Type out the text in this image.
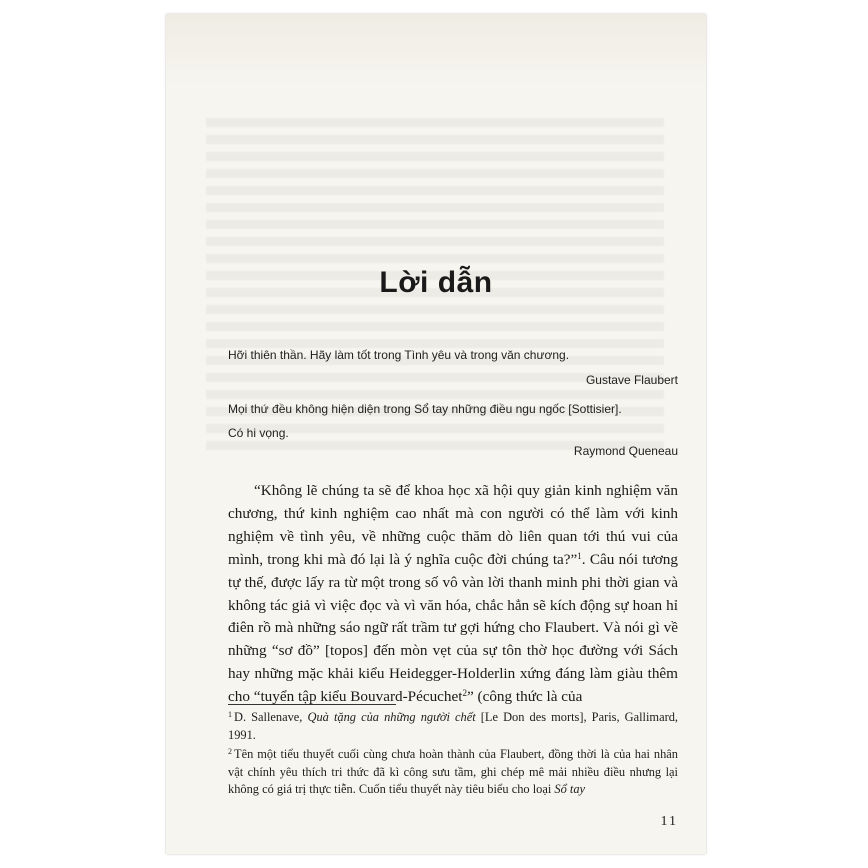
Lời dẫn
Hỡi thiên thần. Hãy làm tốt trong Tình yêu và trong văn chương.
Gustave Flaubert
Mọi thứ đều không hiện diện trong Sổ tay những điều ngu ngốc [Sottisier].
Có hi vọng.
Raymond Queneau

“Không lẽ chúng ta sẽ để khoa học xã hội quy giản kinh nghiệm văn chương, thứ kinh nghiệm cao nhất mà con người có thể làm với kinh nghiệm về tình yêu, về những cuộc thăm dò liên quan tới thú vui của mình, trong khi mà đó lại là ý nghĩa cuộc đời chúng ta?”$^1$. Câu nói tương tự thế, được lấy ra từ một trong số vô vàn lời thanh minh phi thời gian và không tác giả vì việc đọc và vì văn hóa, chắc hẳn sẽ kích động sự hoan hỉ điên rồ mà những sáo ngữ rất trầm tư gợi hứng cho Flaubert. Và nói gì về những “sơ đồ” [topos] đến mòn vẹt của sự tôn thờ học đường với Sách hay những mặc khải kiểu Heidegger-Holderlin xứng đáng làm giàu thêm cho “tuyển tập kiểu Bouvard-Pécuchet$^2$” (công thức là của

$^1$ D. Sallenave, Quà tặng của những người chết [Le Don des morts], Paris, Gallimard, 1991.

$^2$ Tên một tiểu thuyết cuối cùng chưa hoàn thành của Flaubert, đồng thời là của hai nhân vật chính yêu thích tri thức đã kì công sưu tầm, ghi chép mê mải nhiều điều nhưng lại không có giá trị thực tiễn. Cuốn tiểu thuyết này tiêu biểu cho loại Sổ tay

11
